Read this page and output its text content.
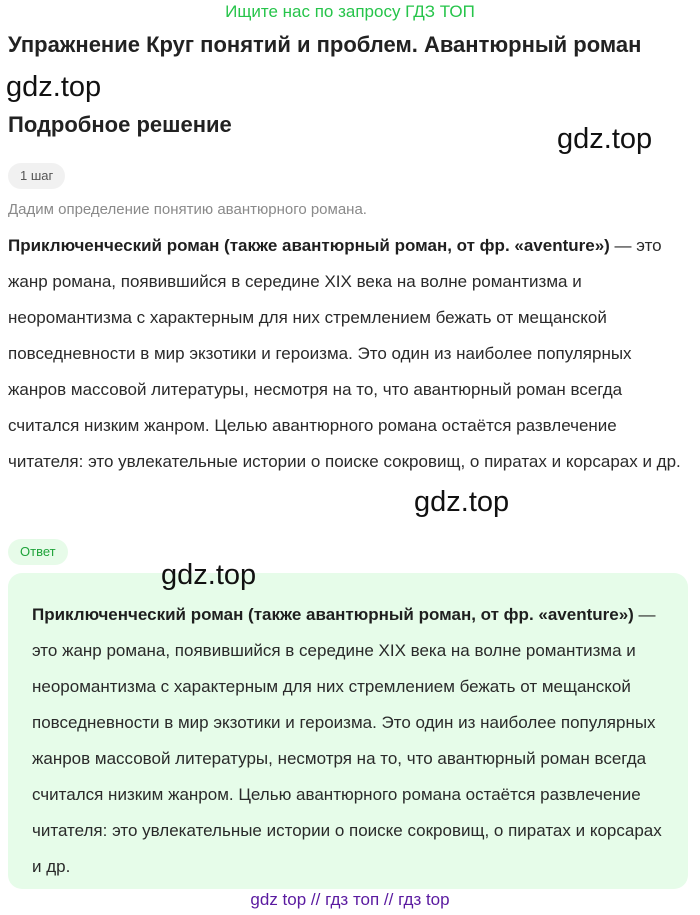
Ищите нас по запросу ГДЗ ТОП
Упражнение Круг понятий и проблем. Авантюрный роман
gdz.top
Подробное решение	gdz.top
1 шаг
Дадим определение понятию авантюрного романа.
Приключенческий роман (также авантюрный роман, от фр. «aventure») — это жанр романа, появившийся в середине XIX века на волне романтизма и неоромантизма с характерным для них стремлением бежать от мещанской повседневности в мир экзотики и героизма. Это один из наиболее популярных жанров массовой литературы, несмотря на то, что авантюрный роман всегда считался низким жанром. Целью авантюрного романа остаётся развлечение читателя: это увлекательные истории о поиске сокровищ, о пиратах и корсарах и др.
gdz.top
Ответ
gdz.top
Приключенческий роман (также авантюрный роман, от фр. «aventure») — это жанр романа, появившийся в середине XIX века на волне романтизма и неоромантизма с характерным для них стремлением бежать от мещанской повседневности в мир экзотики и героизма. Это один из наиболее популярных жанров массовой литературы, несмотря на то, что авантюрный роман всегда считался низким жанром. Целью авантюрного романа остаётся развлечение читателя: это увлекательные истории о поиске сокровищ, о пиратах и корсарах и др.
gdz top // гдз топ // гдз top
